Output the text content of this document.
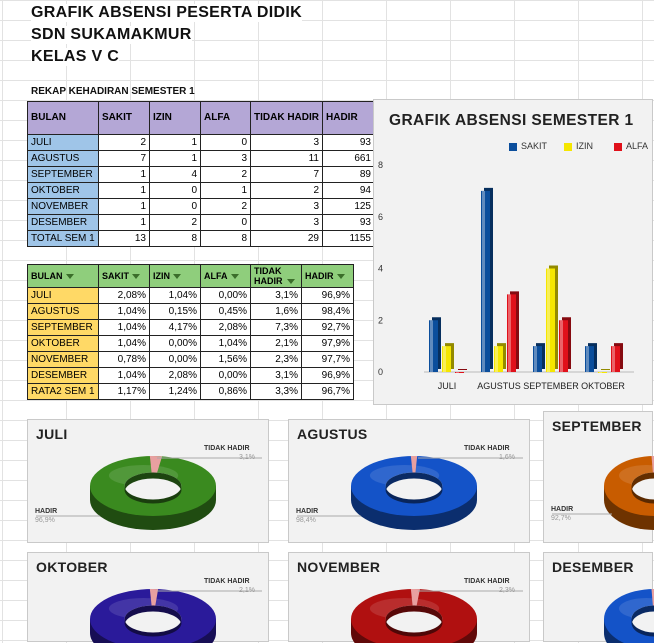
GRAFIK ABSENSI PESERTA DIDIK
SDN SUKAMAKMUR
KELAS V C
REKAP KEHADIRAN SEMESTER 1
BULAN	SAKIT	IZIN	ALFA	TIDAK HADIR	HADIR
JULI	2	1	0	3	93
AGUSTUS	7	1	3	11	661
SEPTEMBER	1	4	2	7	89
OKTOBER	1	0	1	2	94
NOVEMBER	1	0	2	3	125
DESEMBER	1	2	0	3	93
TOTAL SEM 1	13	8	8	29	1155
BULAN	SAKIT	IZIN	ALFA	TIDAK HADIR	HADIR
JULI	2,08%	1,04%	0,00%	3,1%	96,9%
AGUSTUS	1,04%	0,15%	0,45%	1,6%	98,4%
SEPTEMBER	1,04%	4,17%	2,08%	7,3%	92,7%
OKTOBER	1,04%	0,00%	1,04%	2,1%	97,9%
NOVEMBER	0,78%	0,00%	1,56%	2,3%	97,7%
DESEMBER	1,04%	2,08%	0,00%	3,1%	96,9%
RATA2 SEM 1	1,17%	1,24%	0,86%	3,3%	96,7%
GRAFIK ABSENSI SEMESTER 1
SAKIT	IZIN	ALFA
0
2
4
6
8
JULI AGUSTUS SEPTEMBER OKTOBER
JULI
TIDAK HADIR
3,1%
HADIR
96,9%
AGUSTUS
TIDAK HADIR
1,6%
HADIR
98,4%
SEPTEMBER
HADIR
92,7%
OKTOBER
TIDAK HADIR
2,1%
NOVEMBER
TIDAK HADIR
2,3%
DESEMBER
